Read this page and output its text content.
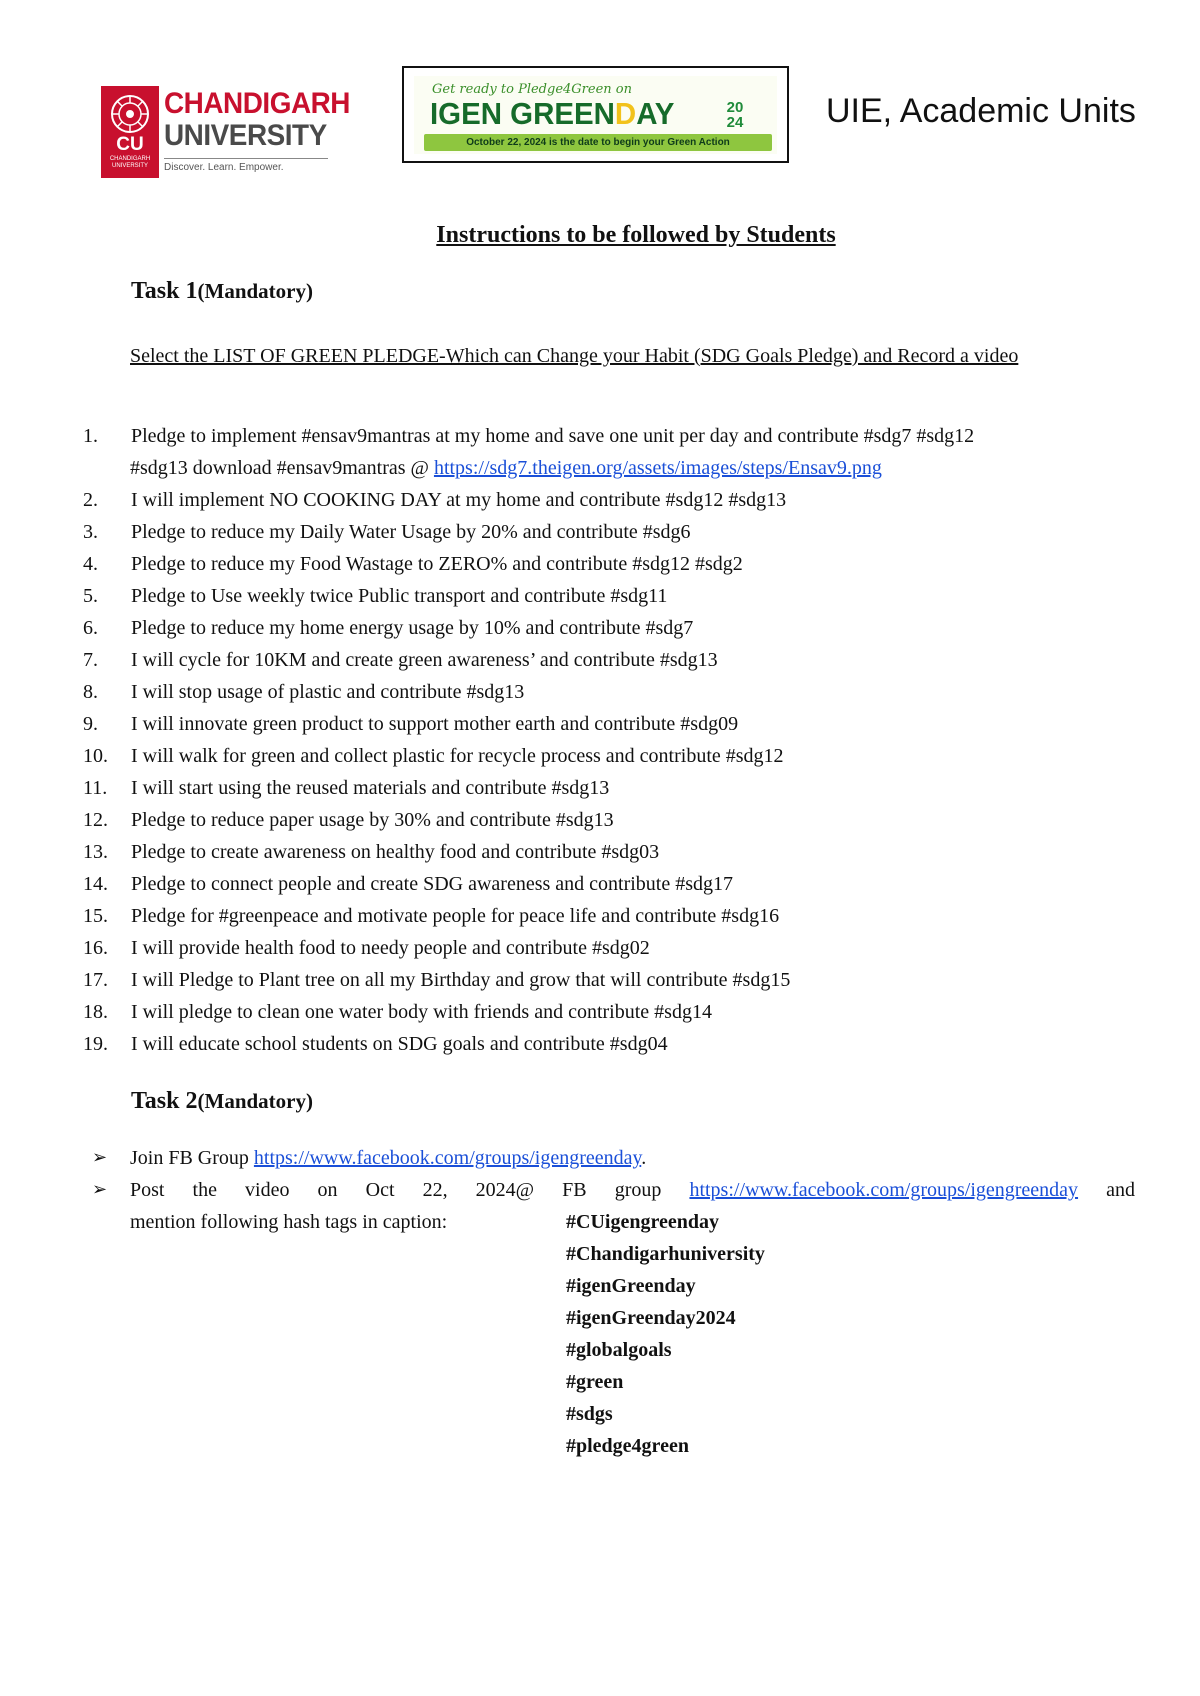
CU
CHANDIGARH UNIVERSITY
CHANDIGARH
UNIVERSITY
Discover. Learn. Empower.
Get ready to Pledge4Green on
IGEN GREENDAY	20
24
October 22, 2024 is the date to begin your Green Action
UIE, Academic Units
Instructions to be followed by Students
Task 1(Mandatory)
Select the LIST OF GREEN PLEDGE-Which can Change your Habit (SDG Goals Pledge) and Record a video
1.	Pledge to implement #ensav9mantras at my home and save one unit per day and contribute #sdg7 #sdg12
#sdg13 download #ensav9mantras @ https://sdg7.theigen.org/assets/images/steps/Ensav9.png
2.	I will implement NO COOKING DAY at my home and contribute #sdg12 #sdg13
3.	Pledge to reduce my Daily Water Usage by 20% and contribute #sdg6
4.	Pledge to reduce my Food Wastage to ZERO% and contribute #sdg12 #sdg2
5.	Pledge to Use weekly twice Public transport and contribute #sdg11
6.	Pledge to reduce my home energy usage by 10% and contribute #sdg7
7.	I will cycle for 10KM and create green awareness’ and contribute #sdg13
8.	I will stop usage of plastic and contribute #sdg13
9.	I will innovate green product to support mother earth and contribute #sdg09
10.	I will walk for green and collect plastic for recycle process and contribute #sdg12
11.	I will start using the reused materials and contribute #sdg13
12.	Pledge to reduce paper usage by 30% and contribute #sdg13
13.	Pledge to create awareness on healthy food and contribute #sdg03
14.	Pledge to connect people and create SDG awareness and contribute #sdg17
15.	Pledge for #greenpeace and motivate people for peace life and contribute #sdg16
16.	I will provide health food to needy people and contribute #sdg02
17.	I will Pledge to Plant tree on all my Birthday and grow that will contribute #sdg15
18.	I will pledge to clean one water body with friends and contribute #sdg14
19.	I will educate school students on SDG goals and contribute #sdg04
Task 2(Mandatory)
➢ Join FB Group https://www.facebook.com/groups/igengreenday.
➢ Post the video on Oct 22, 2024@ FB group https://www.facebook.com/groups/igengreenday and
mention following hash tags in caption:	#CUigengreenday
#Chandigarhuniversity
#igenGreenday
#igenGreenday2024
#globalgoals
#green
#sdgs
#pledge4green
